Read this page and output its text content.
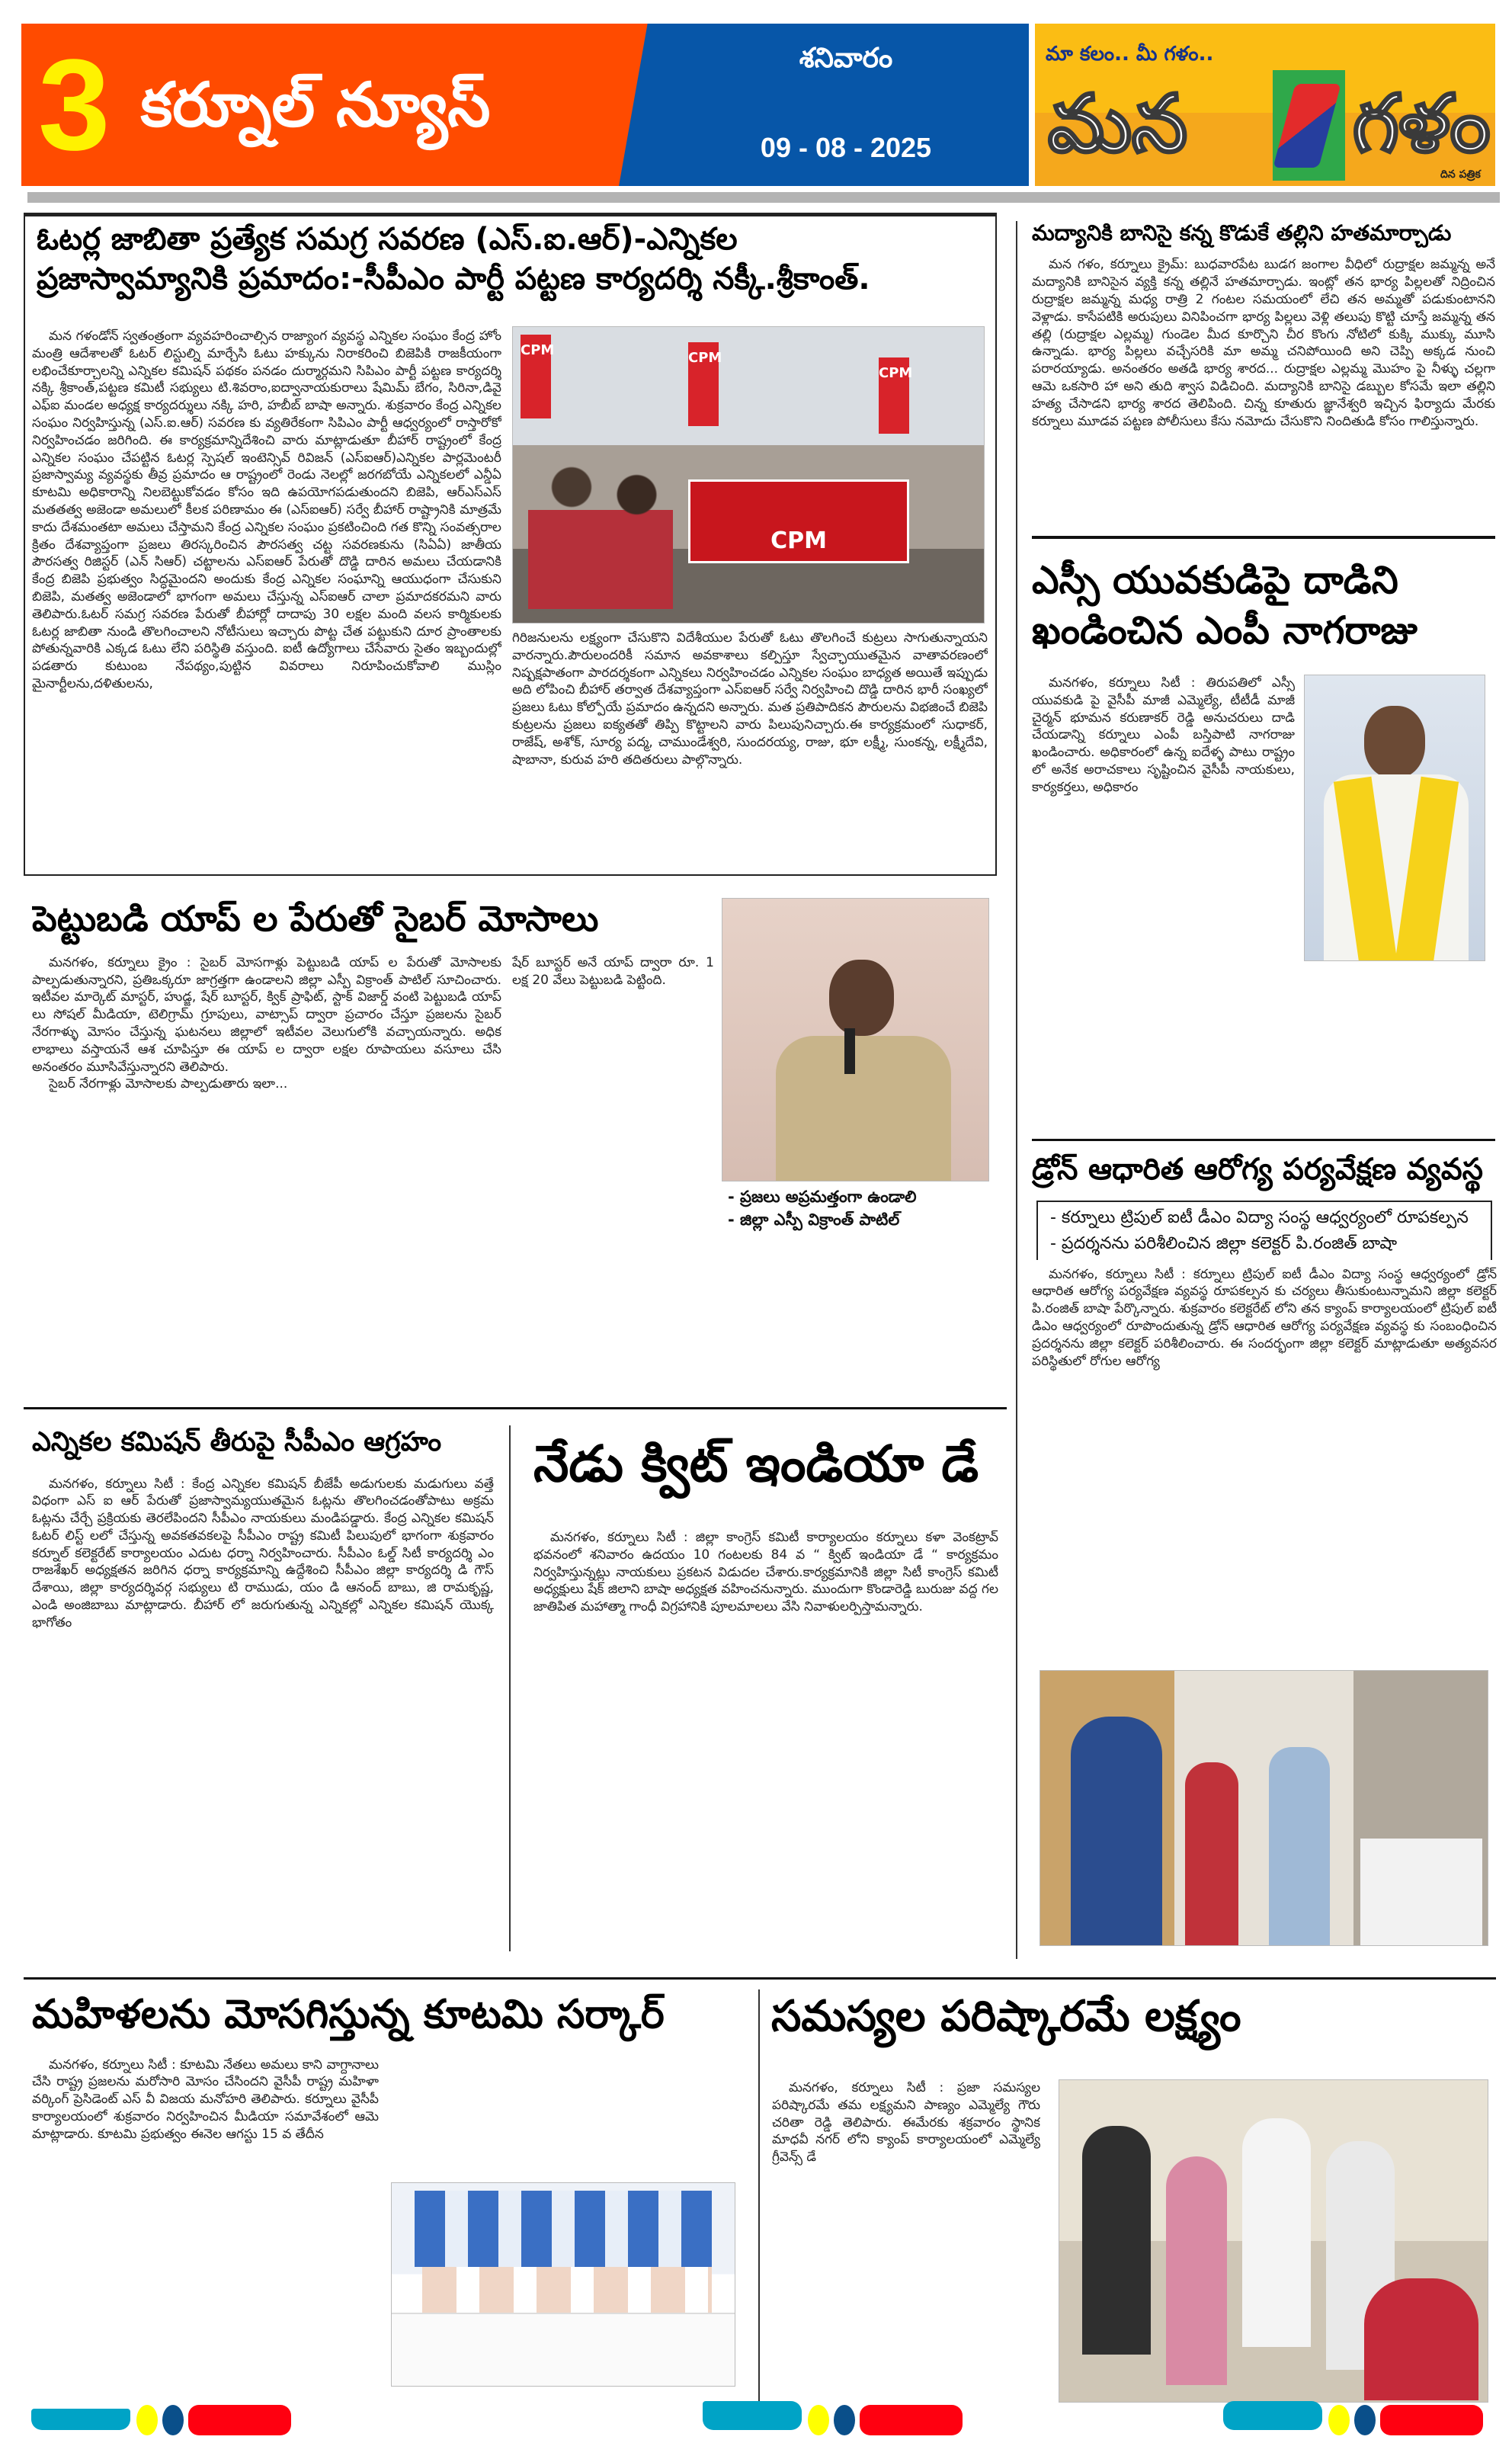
3 కర్నూల్ న్యూస్
శనివారం
09 - 08 - 2025
మా కలం.. మీ గళం..
మన గళం
దిన పత్రిక
ఓటర్ల జాబితా ప్రత్యేక సమగ్ర సవరణ (ఎస్.ఐ.ఆర్)-ఎన్నికల
ప్రజాస్వామ్యానికి ప్రమాదం:-సీపీఎం పార్టీ పట్టణ కార్యదర్శి నక్కీ.శ్రీకాంత్.
మన గళండోన్ స్వతంత్రంగా వ్యవహరించాల్సిన రాజ్యాంగ వ్యవస్థ ఎన్నికల సంఘం కేంద్ర హోం మంత్రి ఆదేశాలతో ఓటర్ లిస్టుల్ని మార్చేసి ఓటు హక్కును నిరాకరించి బిజెపికి రాజకీయంగా లభించేకూర్చాలన్ని ఎన్నికల కమిషన్ పథకం పనడం దుర్మార్గమని సిపిఎం పార్టీ పట్టణ కార్యదర్శి నక్కి శ్రీకాంత్,పట్టణ కమిటీ సభ్యులు టి.శివరాం,ఐద్వానాయకురాలు షేమిమ్ బేగం, సిరినా,డివై ఎఫ్ఐ మండల అధ్యక్ష కార్యదర్శులు నక్కి హరి, హబీబ్ బాషా అన్నారు. శుక్రవారం కేంద్ర ఎన్నికల సంఘం నిర్వహిస్తున్న (ఎస్.ఐ.ఆర్) సవరణ కు వ్యతిరేకంగా సిపిఎం పార్టీ ఆధ్వర్యంలో రాస్తారోకో నిర్వహించడం జరిగింది. ఈ కార్యక్రమాన్నిదేశించి వారు మాట్లాడుతూ బీహార్ రాష్ట్రంలో కేంద్ర ఎన్నికల సంఘం చేపట్టిన ఓటర్ల స్పెషల్ ఇంటెన్సివ్ రివిజన్ (ఎస్ఐఆర్)ఎన్నికల పార్లమెంటరీ ప్రజాస్వామ్య వ్యవస్థకు తీవ్ర ప్రమాదం ఆ రాష్ట్రంలో రెండు నెలల్లో జరగబోయే ఎన్నికలలో ఎన్డీఏ కూటమి అధికారాన్ని నిలబెట్టుకోవడం కోసం ఇది ఉపయోగపడుతుందని బిజెపి, ఆర్ఎస్ఎస్ మతతత్వ అజెండా అమలులో కీలక పరిణామం ఈ (ఎస్ఐఆర్) సర్వే బీహార్ రాష్ట్రానికి మాత్రమే కాదు దేశమంతటా అమలు చేస్తామని కేంద్ర ఎన్నికల సంఘం ప్రకటించింది గత కొన్ని సంవత్సరాల క్రితం దేశవ్యాప్తంగా ప్రజలు తిరస్కరించిన పౌరసత్వ చట్ట సవరణకును (సిఏఏ) జాతీయ పౌరసత్వ రిజిస్టర్ (ఎన్ సిఆర్) చట్టాలను ఎస్ఐఆర్ పేరుతో దొడ్డి దారిన అమలు చేయడానికి కేంద్ర బిజెపి ప్రభుత్వం సిద్ధమైందని అందుకు కేంద్ర ఎన్నికల సంఘాన్ని ఆయుధంగా చేసుకుని బిజెపి, మతత్వ అజెండాలో భాగంగా అమలు చేస్తున్న ఎస్ఐఆర్ చాలా ప్రమాదకరమని వారు తెలిపారు.ఓటర్ సమగ్ర సవరణ పేరుతో బీహార్లో దాదాపు 30 లక్షల మంది వలస కార్మికులకు ఓటర్ల జాబితా నుండి తొలగించాలని నోటీసులు ఇచ్చారు పొట్ట చేత పట్టుకుని దూర ప్రాంతాలకు పోతున్నవారికి ఎక్కడ ఓటు లేని పరిస్థితి వస్తుంది. ఐటీ ఉద్యోగాలు చేసేవారు సైతం ఇబ్బందుల్లో పడతారు కుటుంబ నేపథ్యం,పుట్టిన వివరాలు నిరూపించుకోవాలి ముస్లిం మైనార్టీలను,దళితులను,
CPM	CPM
CPM
CPM
గిరిజనులను లక్ష్యంగా చేసుకొని విదేశీయుల పేరుతో ఓటు తొలగించే కుట్రలు సాగుతున్నాయని వారన్నారు.పౌరులందరికీ సమాన అవకాశాలు కల్పిస్తూ స్వేచ్ఛాయుతమైన వాతావరణంలో నిష్పక్షపాతంగా పారదర్శకంగా ఎన్నికలు నిర్వహించడం ఎన్నికల సంఘం బాధ్యత అయితే ఇప్పుడు అది లోపించి బీహార్ తర్వాత దేశవ్యాప్తంగా ఎస్ఐఆర్ సర్వే నిర్వహించి దొడ్డి దారిన భారీ సంఖ్యలో ప్రజలు ఓటు కోల్పోయే ప్రమాదం ఉన్నదని అన్నారు. మత ప్రతిపాదికన పౌరులను విభజించే బిజెపి కుట్రలను ప్రజలు ఐక్యతతో తిప్పి కొట్టాలని వారు పిలుపునిచ్చారు.ఈ కార్యక్రమంలో సుధాకర్, రాజేష్, అశోక్, సూర్య పద్మ, చాముండేశ్వరి, సుందరయ్య, రాజు, భూ లక్ష్మీ, సుంకన్న, లక్ష్మీదేవి, షాబానా, కురువ హరి తదితరులు పాల్గొన్నారు.
మద్యానికి బానిసై కన్న కొడుకే తల్లిని హతమార్చాడు
మన గళం, కర్నూలు క్రైమ్: బుధవారపేట బుడగ జంగాల వీధిలో రుద్రాక్షల జమ్మన్న అనే మద్యానికి బానిసైన వ్యక్తి కన్న తల్లినే హతమార్చాడు. ఇంట్లో తన భార్య పిల్లలతో నిద్రించిన రుద్రాక్షల జమ్మన్న మధ్య రాత్రి 2 గంటల సమయంలో లేచి తన అమ్మతో పడుకుంటానని వెళ్లాడు. కాసేపటికి అరుపులు వినిపించగా భార్య పిల్లలు వెళ్లి తలుపు కొట్టి చూస్తే జమ్మన్న తన తల్లి (రుద్రాక్షల ఎల్లమ్మ) గుండెల మీద కూర్చొని చీర కొంగు నోటిలో కుక్కి ముక్కు మూసి ఉన్నాడు. భార్య పిల్లలు వచ్చేసరికి మా అమ్మ చనిపోయింది అని చెప్పి అక్కడ నుంచి పరారయ్యాడు. అనంతరం అతడి భార్య శారద... రుద్రాక్షల ఎల్లమ్మ మొహం పై నీళ్ళు చల్లగా ఆమె ఒకసారి హా అని తుది శ్వాస విడిచింది. మద్యానికి బానిసై డబ్బుల కోసమే ఇలా తల్లిని హత్య చేసాడని భార్య శారద తెలిపింది. చిన్న కూతురు జ్ఞానేశ్వరి ఇచ్చిన ఫిర్యాదు మేరకు కర్నూలు మూడవ పట్టణ పోలీసులు కేసు నమోదు చేసుకొని నిందితుడి కోసం గాలిస్తున్నారు.
ఎస్సీ యువకుడిపై దాడిని
ఖండించిన ఎంపీ నాగరాజు
మనగళం, కర్నూలు సిటీ : తిరుపతిలో ఎస్సీ యువకుడి పై వైసీపీ మాజీ ఎమ్మెల్యే, టీటీడీ మాజీ చైర్మన్ భూమన కరుణాకర్ రెడ్డి అనుచరులు దాడి చేయడాన్ని కర్నూలు ఎంపీ బస్తిపాటి నాగరాజు ఖండించారు. అధికారంలో ఉన్న ఐదేళ్ళ పాటు రాష్ట్రం లో అనేక అరాచకాలు సృష్టించిన వైసీపీ నాయకులు, కార్యకర్తలు, అధికారం
డ్రోన్ ఆధారిత ఆరోగ్య పర్యవేక్షణ వ్యవస్థ
- కర్నూలు ట్రిపుల్ ఐటీ డీఎం విద్యా సంస్థ ఆధ్వర్యంలో రూపకల్పన
- ప్రదర్శనను పరిశీలించిన జిల్లా కలెక్టర్ పి.రంజిత్ బాషా
మనగళం, కర్నూలు సిటీ : కర్నూలు ట్రిపుల్ ఐటీ డీఎం విద్యా సంస్థ ఆధ్వర్యంలో డ్రోన్ ఆధారిత ఆరోగ్య పర్యవేక్షణ వ్యవస్థ రూపకల్పన కు చర్యలు తీసుకుంటున్నామని జిల్లా కలెక్టర్ పి.రంజిత్ బాషా పేర్కొన్నారు. శుక్రవారం కలెక్టరేట్ లోని తన క్యాంప్ కార్యాలయంలో ట్రిపుల్ ఐటీ డిఎం ఆధ్వర్యంలో రూపొందుతున్న డ్రోన్ ఆధారిత ఆరోగ్య పర్యవేక్షణ వ్యవస్థ కు సంబంధించిన ప్రదర్శనను జిల్లా కలెక్టర్ పరిశీలించారు. ఈ సందర్భంగా జిల్లా కలెక్టర్ మాట్లాడుతూ అత్యవసర పరిస్థితులో రోగుల ఆరోగ్య
పెట్టుబడి యాప్ ల పేరుతో సైబర్ మోసాలు
మనగళం, కర్నూలు క్రైం : సైబర్ మోసగాళ్లు పెట్టుబడి యాప్ ల పేరుతో మోసాలకు పాల్పడుతున్నారని, ప్రతిఒక్కరూ జాగ్రత్తగా ఉండాలని జిల్లా ఎస్పీ విక్రాంత్ పాటిల్ సూచించారు. ఇటీవల మార్కెట్ మాస్టర్, హుడ్జ, షేర్ బూస్టర్, క్విక్ ప్రాఫిట్, స్టాక్ విజార్డ్ వంటి పెట్టుబడి యాప్ లు సోషల్ మీడియా, టెలిగ్రామ్ గ్రూపులు, వాట్సాప్ ద్వారా ప్రచారం చేస్తూ ప్రజలను సైబర్ నేరగాళ్ళు మోసం చేస్తున్న ఘటనలు జిల్లాలో ఇటీవల వెలుగులోకి వచ్చాయన్నారు. అధిక లాభాలు వస్తాయనే ఆశ చూపిస్తూ ఈ యాప్ ల ద్వారా లక్షల రూపాయలు వసూలు చేసి అనంతరం మూసివేస్తున్నారని తెలిపారు.
సైబర్ నేరగాళ్లు మోసాలకు పాల్పడుతారు ఇలా...
షేర్ బూస్టర్ అనే యాప్ ద్వారా రూ. 1 లక్ష 20 వేలు పెట్టుబడి పెట్టింది.
- ప్రజలు అప్రమత్తంగా ఉండాలి
- జిల్లా ఎస్పీ విక్రాంత్ పాటిల్
ఎన్నికల కమిషన్ తీరుపై సీపీఎం ఆగ్రహం
మనగళం, కర్నూలు సిటీ : కేంద్ర ఎన్నికల కమిషన్ బీజేపీ అడుగులకు మడుగులు వత్తే విధంగా ఎస్ ఐ ఆర్ పేరుతో ప్రజాస్వామ్యయుతమైన ఓట్లను తొలగించడంతోపాటు అక్రమ ఓట్లను చేర్చే ప్రక్రియకు తెరలేపిందని సీపీఎం నాయకులు మండిపడ్డారు. కేంద్ర ఎన్నికల కమిషన్ ఓటర్ లిస్ట్ లలో చేస్తున్న అవకతవకలపై సీపీఎం రాష్ట్ర కమిటీ పిలుపులో భాగంగా శుక్రవారం కర్నూల్ కలెక్టరేట్ కార్యాలయం ఎదుట ధర్నా నిర్వహించారు. సీపీఎం ఓల్డ్ సిటీ కార్యదర్శి ఎం రాజశేఖర్ అధ్యక్షతన జరిగిన ధర్నా కార్యక్రమాన్ని ఉద్దేశించి సీపీఎం జిల్లా కార్యదర్శి డి గౌస్ దేశాయి, జిల్లా కార్యదర్శివర్గ సభ్యులు టి రాముడు, యం డి ఆనంద్ బాబు, జి రామకృష్ణ, ఎండి అంజిబాబు మాట్లాడారు. బీహార్ లో జరుగుతున్న ఎన్నికల్లో ఎన్నికల కమిషన్ యొక్క భాగోతం
నేడు క్విట్ ఇండియా డే
మనగళం, కర్నూలు సిటీ : జిల్లా కాంగ్రెస్ కమిటీ కార్యాలయం కర్నూలు కళా వెంకట్రావ్ భవనంలో శనివారం ఉదయం 10 గంటలకు 84 వ “ క్విట్ ఇండియా డే “ కార్యక్రమం నిర్వహిస్తున్నట్లు నాయకులు ప్రకటన విడుదల చేశారు.కార్యక్రమానికి జిల్లా సిటీ కాంగ్రెస్ కమిటీ అధ్యక్షులు షేక్ జిలాని బాషా అధ్యక్షత వహించనున్నారు. ముందుగా కొండారెడ్డి బురుజు వద్ద గల జాతిపిత మహాత్మా గాంధీ విగ్రహానికి పూలమాలలు వేసి నివాళులర్పిస్తామన్నారు.
మహిళలను మోసగిస్తున్న కూటమి సర్కార్
మనగళం, కర్నూలు సిటీ : కూటమి నేతలు అమలు కాని వాగ్దానాలు చేసి రాష్ట్ర ప్రజలను మరోసారి మోసం చేసిందని వైసీపీ రాష్ట్ర మహిళా వర్కింగ్ ప్రెసిడెంట్ ఎస్ వీ విజయ మనోహరి తెలిపారు. కర్నూలు వైసీపీ కార్యాలయంలో శుక్రవారం నిర్వహించిన మీడియా సమావేశంలో ఆమె మాట్లాడారు. కూటమి ప్రభుత్వం ఈనెల ఆగస్టు 15 వ తేదీన
సమస్యల పరిష్కారమే లక్ష్యం
మనగళం, కర్నూలు సిటీ : ప్రజా సమస్యల పరిష్కారమే తమ లక్ష్యమని పాణ్యం ఎమ్మెల్యే గౌరు చరితా రెడ్డి తెలిపారు. ఈమేరకు శక్రవారం స్థానిక మాధవీ నగర్ లోని క్యాంప్ కార్యాలయంలో ఎమ్మెల్యే గ్రీవెన్స్ డే
